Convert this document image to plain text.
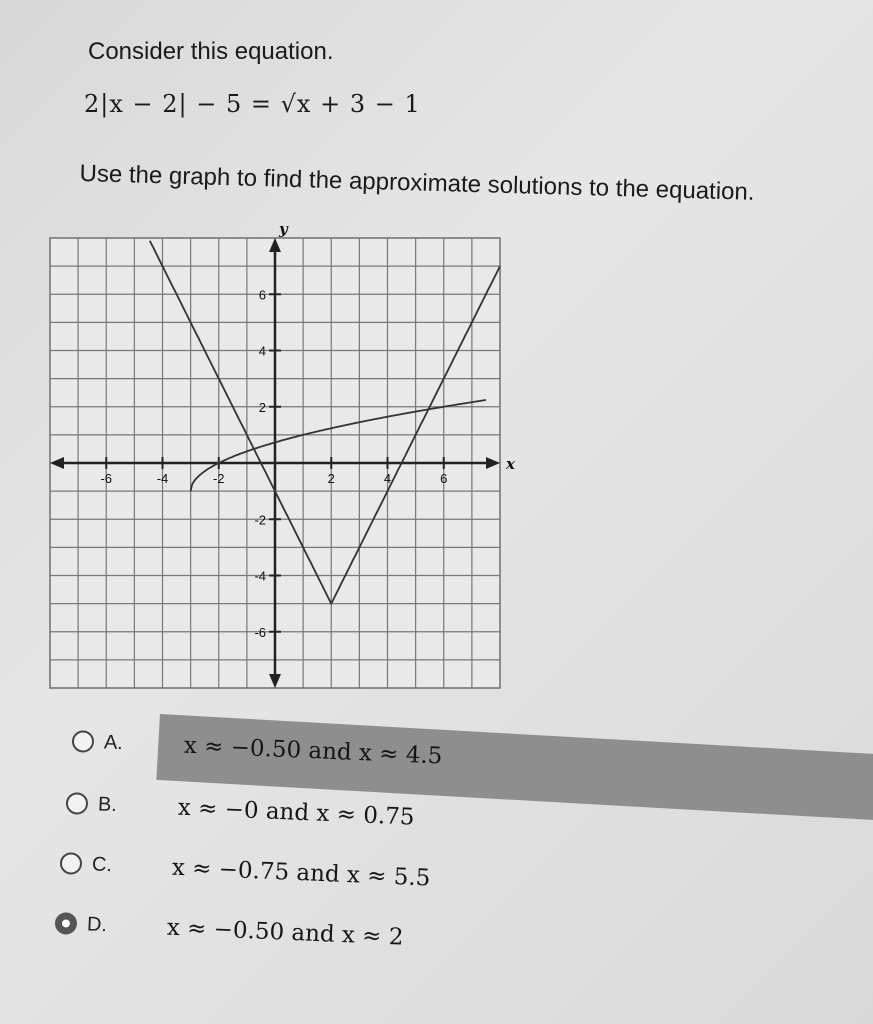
Consider this equation.
2|x − 2| − 5 = √x + 3 − 1
Use the graph to find the approximate solutions to the equation.
-6	-4	-2	2	4	6
6
4
2
-2
-4
-6
x
y
A.	x ≈ −0.50 and x ≈ 4.5
B.	x ≈ −0 and x ≈ 0.75
C.	x ≈ −0.75 and x ≈ 5.5
D.	x ≈ −0.50 and x ≈ 2
